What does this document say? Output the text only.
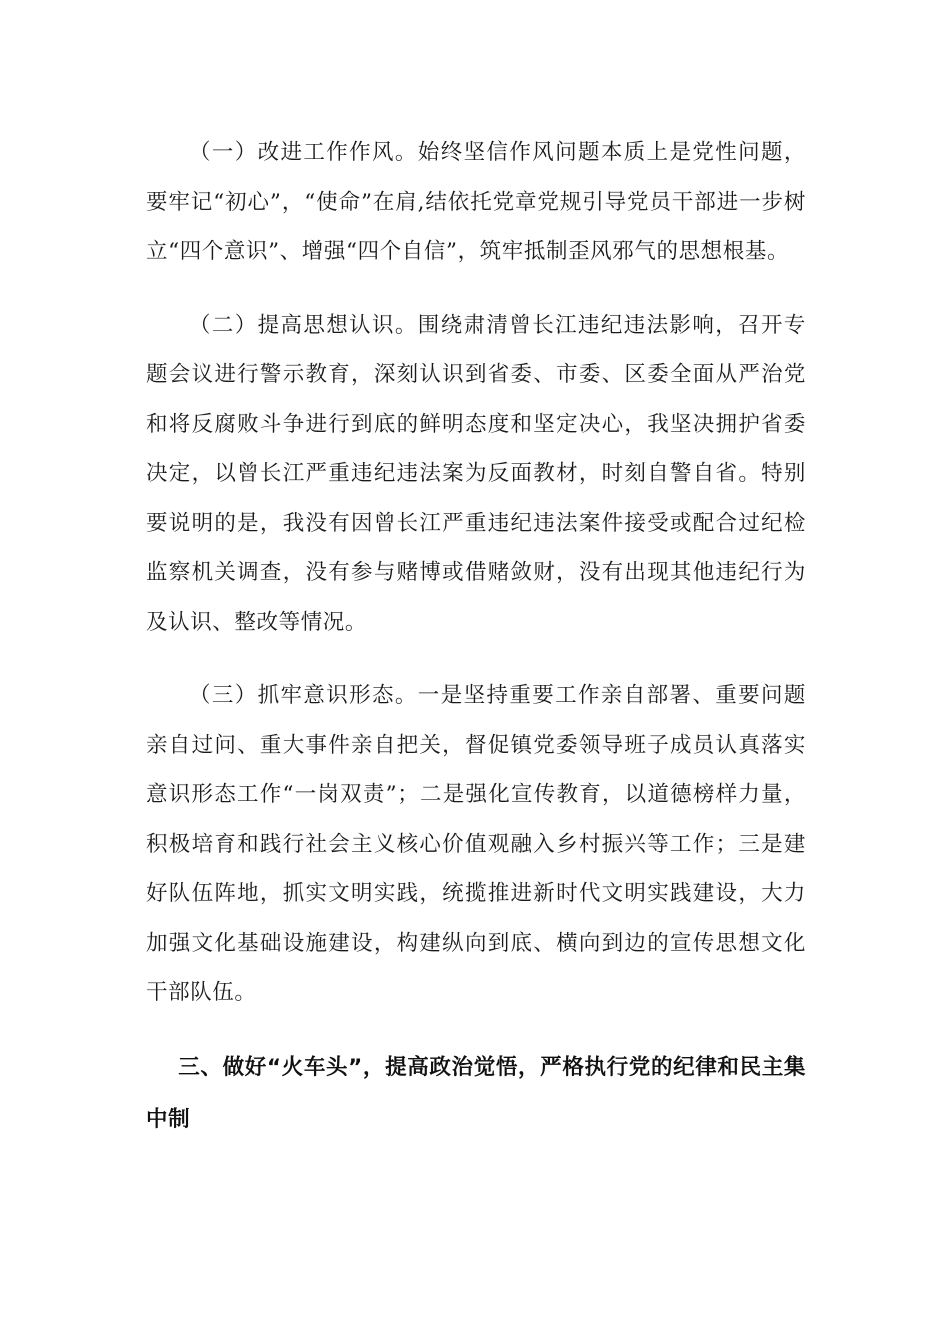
（一）改进工作作风。始终坚信作风问题本质上是党性问题，要牢记“初心”，“使命”在肩,结依托党章党规引导党员干部进一步树立“四个意识”、增强“四个自信”，筑牢抵制歪风邪气的思想根基。

（二）提高思想认识。围绕肃清曾长江违纪违法影响，召开专题会议进行警示教育，深刻认识到省委、市委、区委全面从严治党和将反腐败斗争进行到底的鲜明态度和坚定决心，我坚决拥护省委决定，以曾长江严重违纪违法案为反面教材，时刻自警自省。特别要说明的是，我没有因曾长江严重违纪违法案件接受或配合过纪检监察机关调查，没有参与赌博或借赌敛财，没有出现其他违纪行为及认识、整改等情况。

（三）抓牢意识形态。一是坚持重要工作亲自部署、重要问题亲自过问、重大事件亲自把关，督促镇党委领导班子成员认真落实意识形态工作“一岗双责”；二是强化宣传教育，以道德榜样力量，积极培育和践行社会主义核心价值观融入乡村振兴等工作；三是建好队伍阵地，抓实文明实践，统揽推进新时代文明实践建设，大力加强文化基础设施建设，构建纵向到底、横向到边的宣传思想文化干部队伍。

三、做好“火车头”，提高政治觉悟，严格执行党的纪律和民主集中制
